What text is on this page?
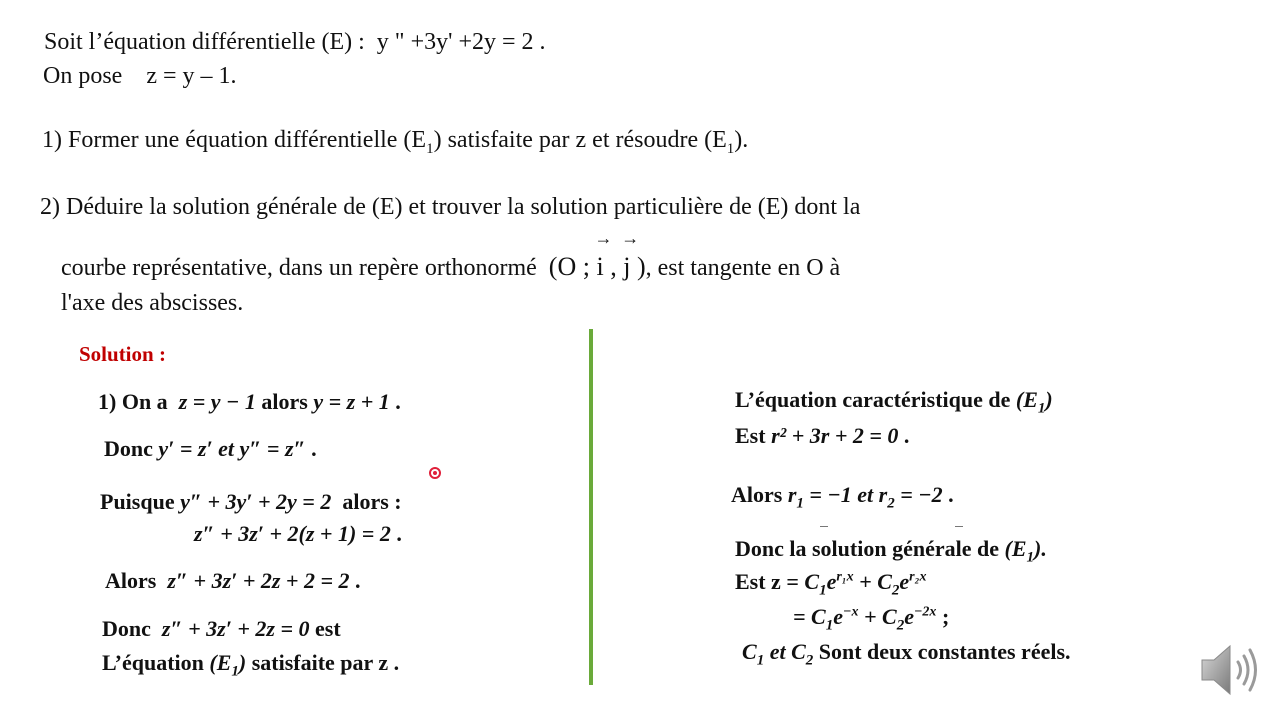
Soit l’équation différentielle (E) : y " +3y' +2y = 2 .
On pose z = y – 1.
1) Former une équation différentielle $(E_1)$ satisfaite par z et résoudre $(E_1)$.
2) Déduire la solution générale de (E) et trouver la solution particulière de (E) dont la
courbe représentative, dans un repère orthonormé (O ;
→
i ,
→
j ), est tangente en O à
l'axe des abscisses.
Solution :
1) On a z = y − 1 alors y = z + 1 .
Donc y′ = z′ et y″ = z″ .
Puisque y″ + 3y′ + 2y = 2 alors :
z″ + 3z′ + 2(z + 1) = 2 .
Alors z″ + 3z′ + 2z + 2 = 2 .
Donc z″ + 3z′ + 2z = 0 est
L’équation $(E_1)$ satisfaite par z .
L’équation caractéristique de $(E_1)$
Est r² + 3r + 2 = 0 .
Alors $r_1 = -1$ et $r_2 = -2$ .
Donc la solution générale de $(E_1)$.
Est $z = C_1e^{r_1x} + C_2e^{r_2x}$
= $C_1e^{-x} + C_2e^{-2x}$ ;
$C_1$ et $C_2$ Sont deux constantes réels.
